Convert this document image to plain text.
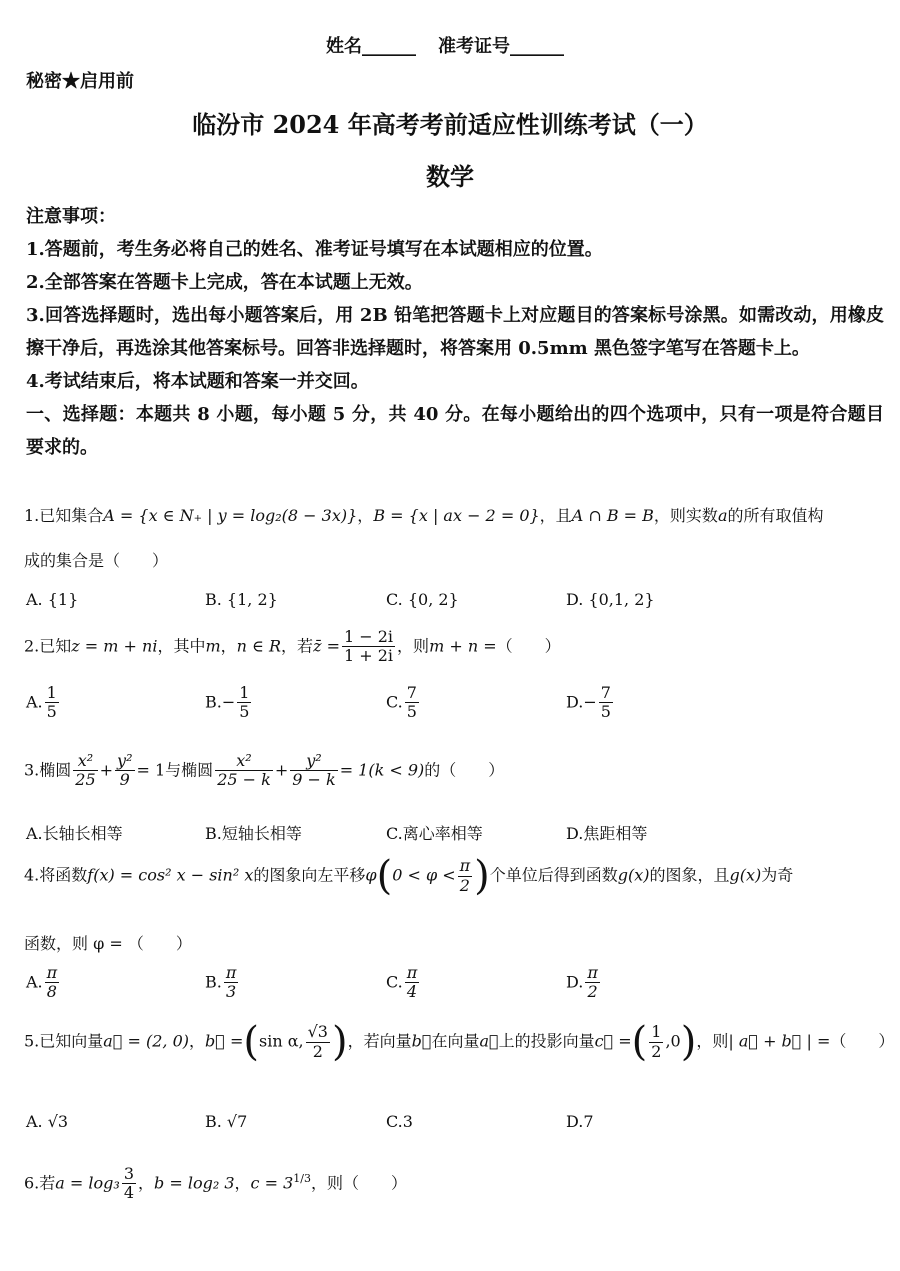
姓名______ 准考证号______
秘密★启用前
临汾市 2024 年高考考前适应性训练考试（一）
数学
注意事项：
1.答题前，考生务必将自己的姓名、准考证号填写在本试题相应的位置。
2.全部答案在答题卡上完成，答在本试题上无效。
3.回答选择题时，选出每小题答案后，用 2B 铅笔把答题卡上对应题目的答案标号涂黑。如需改动，用橡皮擦干净后，再选涂其他答案标号。回答非选择题时，将答案用 0.5mm 黑色签字笔写在答题卡上。
4.考试结束后，将本试题和答案一并交回。
一、选择题：本题共 8 小题，每小题 5 分，共 40 分。在每小题给出的四个选项中，只有一项是符合题目要求的。
1.已知集合A = {x ∈ N₊ | y = log₂(8 − 3x)}，B = {x | ax − 2 = 0}，且A ∩ B = B，则实数a的所有取值构
成的集合是（　　）
A. {1}	B. {1, 2}	C. {0, 2}	D. {0,1, 2}
2.已知z = m + ni，其中m，n ∈ R，若z̄ = $\frac{1 - 2i}{1 + 2i}$ ，则m + n =（　　）
A. $\frac{1}{5}$	$B.- \frac{1}{5}$	C. $\frac{7}{5}$	$D.- \frac{7}{5}$
3.椭圆 $\frac{\text{x²}}{25} + \frac{\text{y²}}{9} = 1$与椭圆 $\frac{\text{x²}}{25 - k} + \frac{\text{y²}}{9 - k} = 1(k < 9)$的（　　）
A.长轴长相等	B.短轴长相等	C.离心率相等	D.焦距相等
4.将函数f(x) = cos² x − sin² x的图象向左平移$\varphi(0 < \varphi < \frac{\pi}{2}$ )个单位后得到函数g(x)的图象，且g(x)为奇
函数，则 φ = （　　）
A. $\frac{\pi}{8}$	B. $\frac{\pi}{3}$	C. $\frac{\pi}{4}$	D. $\frac{\pi}{2}$
5.已知向量a⃗ = (2, 0)，b⃗ =(sin α, $\frac{√3}{2}$ )，若向量b⃗在向量a⃗上的投影向量c⃗ =( $\frac{1}{2} ,0$)，则| a⃗ + b⃗ | =（　　）
A. √3	B. √7	C.3	D.7
6.若$a = \log_3 \frac{3}{4}$ ，b = log₂ 3，$c = 3^{1/3}$，则（　　）
